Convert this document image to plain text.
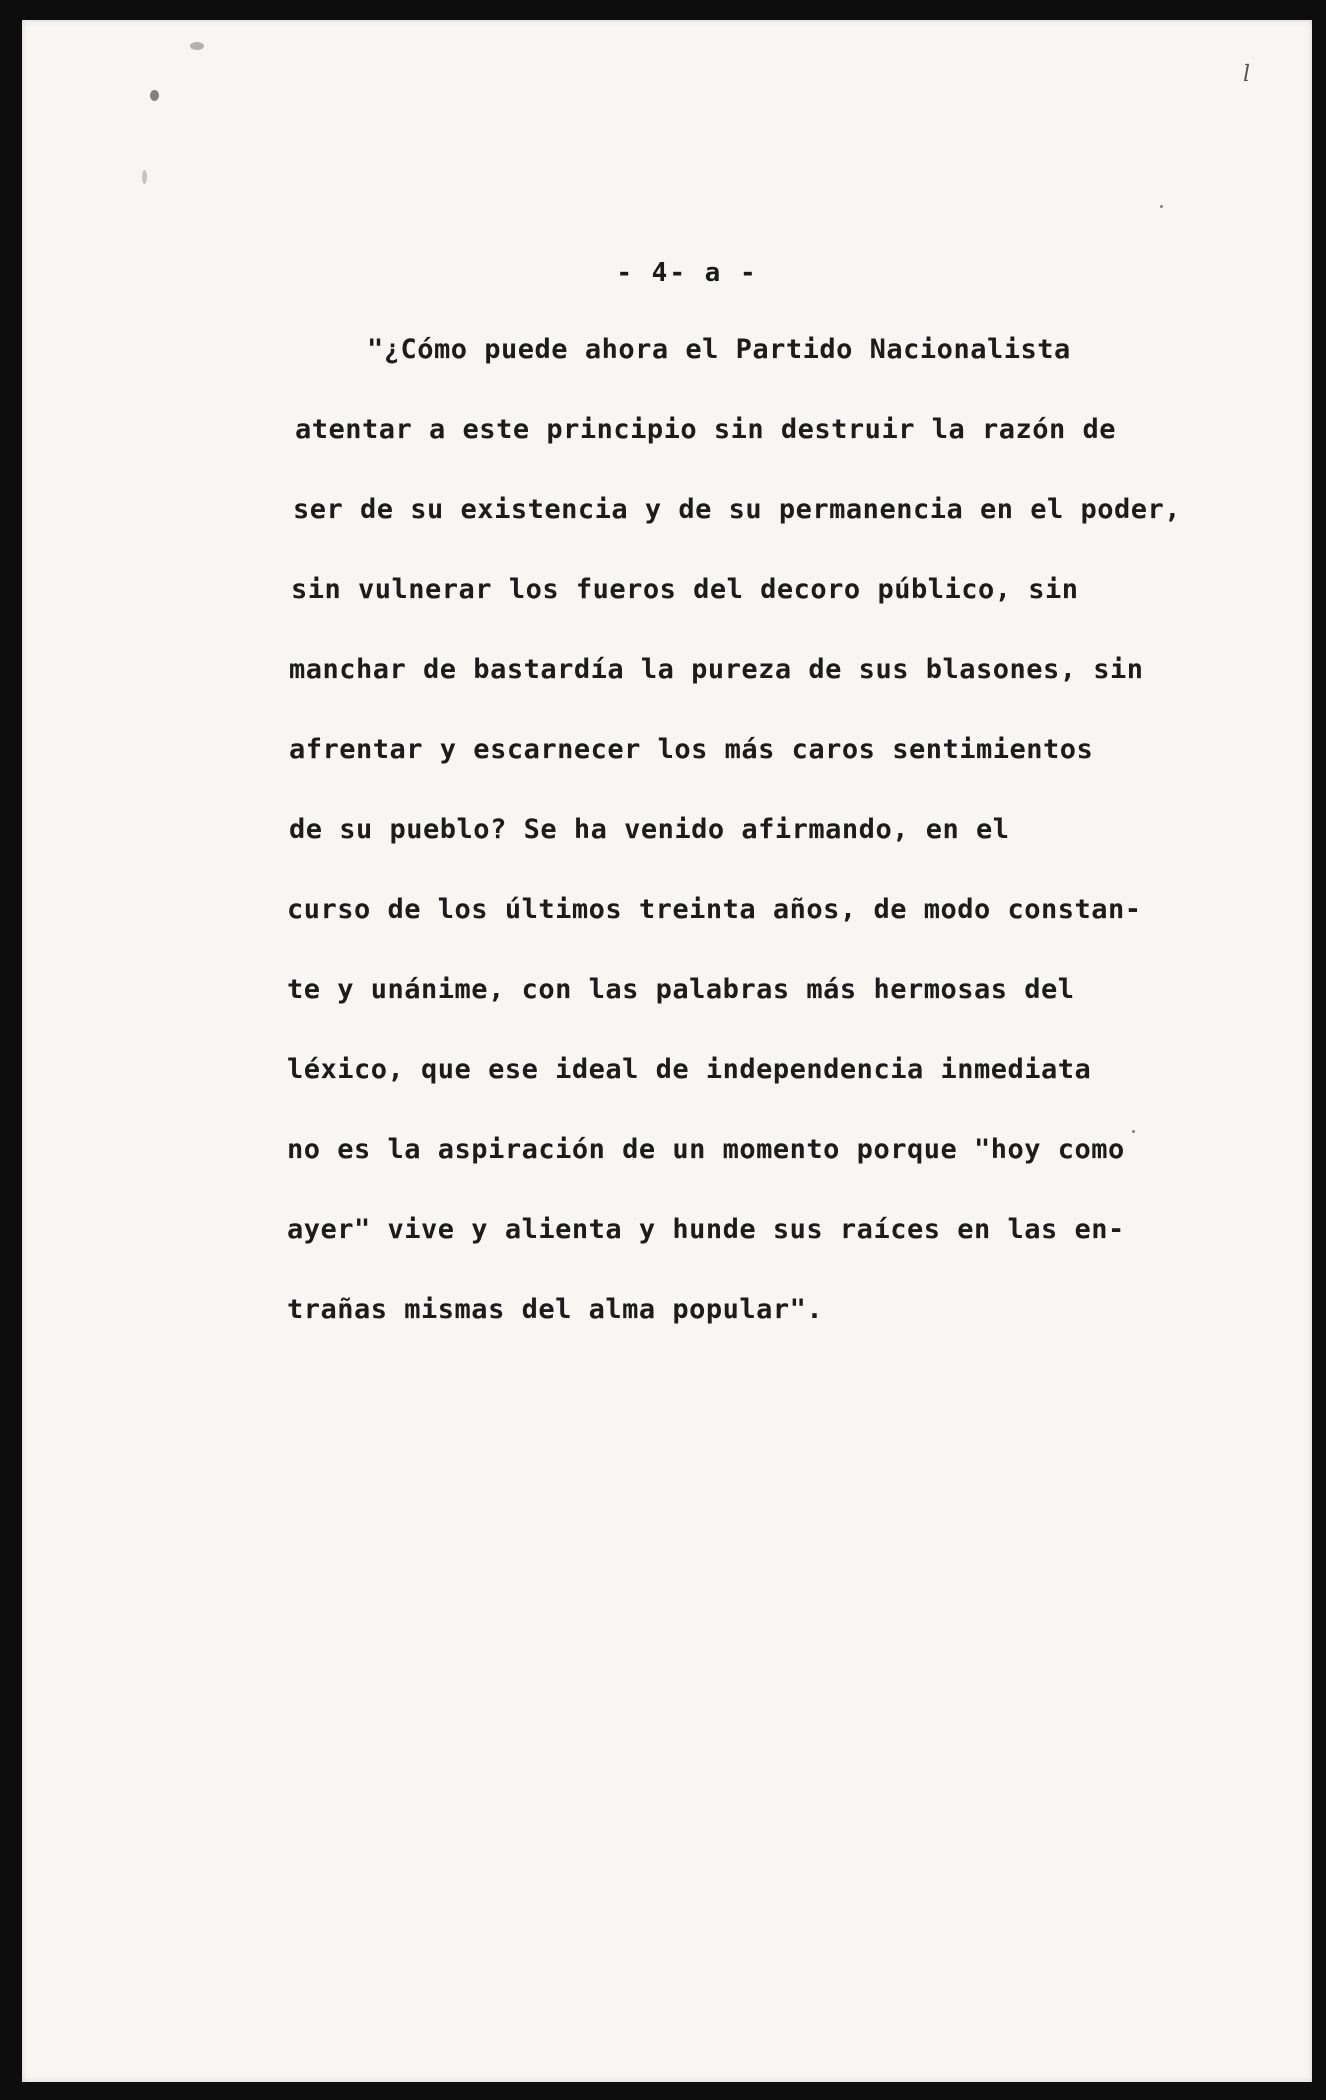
l
- 4- a -
"¿Cómo puede ahora el Partido Nacionalista
atentar a este principio sin destruir la razón de
ser de su existencia y de su permanencia en el poder,
sin vulnerar los fueros del decoro público, sin
manchar de bastardía la pureza de sus blasones, sin
afrentar y escarnecer los más caros sentimientos
de su pueblo? Se ha venido afirmando, en el
curso de los últimos treinta años, de modo constan-
te y unánime, con las palabras más hermosas del
léxico, que ese ideal de independencia inmediata
no es la aspiración de un momento porque "hoy como
ayer" vive y alienta y hunde sus raíces en las en-
trañas mismas del alma popular".
